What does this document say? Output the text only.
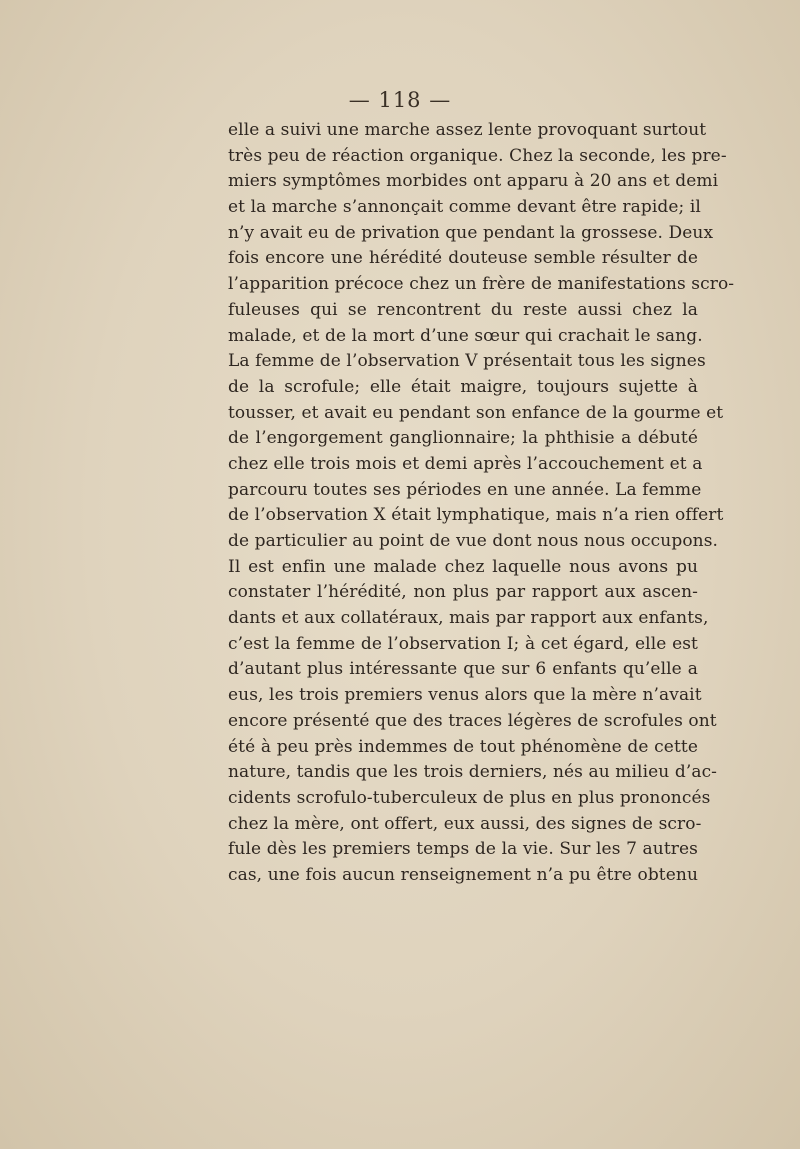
— 118 —
elle a suivi une marche assez lente provoquant surtout
très peu de réaction organique. Chez la seconde, les pre-
miers symptômes morbides ont apparu à 20 ans et demi
et la marche s’annonçait comme devant être rapide; il
n’y avait eu de privation que pendant la grossese. Deux
fois encore une hérédité douteuse semble résulter de
l’apparition précoce chez un frère de manifestations scro-
fuleuses qui se rencontrent du reste aussi chez la
malade, et de la mort d’une sœur qui crachait le sang.
La femme de l’observation V présentait tous les signes
de la scrofule; elle était maigre, toujours sujette à
tousser, et avait eu pendant son enfance de la gourme et
de l’engorgement ganglionnaire; la phthisie a débuté
chez elle trois mois et demi après l’accouchement et a
parcouru toutes ses périodes en une année. La femme
de l’observation X était lymphatique, mais n’a rien offert
de particulier au point de vue dont nous nous occupons.
Il est enfin une malade chez laquelle nous avons pu
constater l’hérédité, non plus par rapport aux ascen-
dants et aux collatéraux, mais par rapport aux enfants,
c’est la femme de l’observation I; à cet égard, elle est
d’autant plus intéressante que sur 6 enfants qu’elle a
eus, les trois premiers venus alors que la mère n’avait
encore présenté que des traces légères de scrofules ont
été à peu près indemmes de tout phénomène de cette
nature, tandis que les trois derniers, nés au milieu d’ac-
cidents scrofulo-tuberculeux de plus en plus prononcés
chez la mère, ont offert, eux aussi, des signes de scro-
fule dès les premiers temps de la vie. Sur les 7 autres
cas, une fois aucun renseignement n’a pu être obtenu
